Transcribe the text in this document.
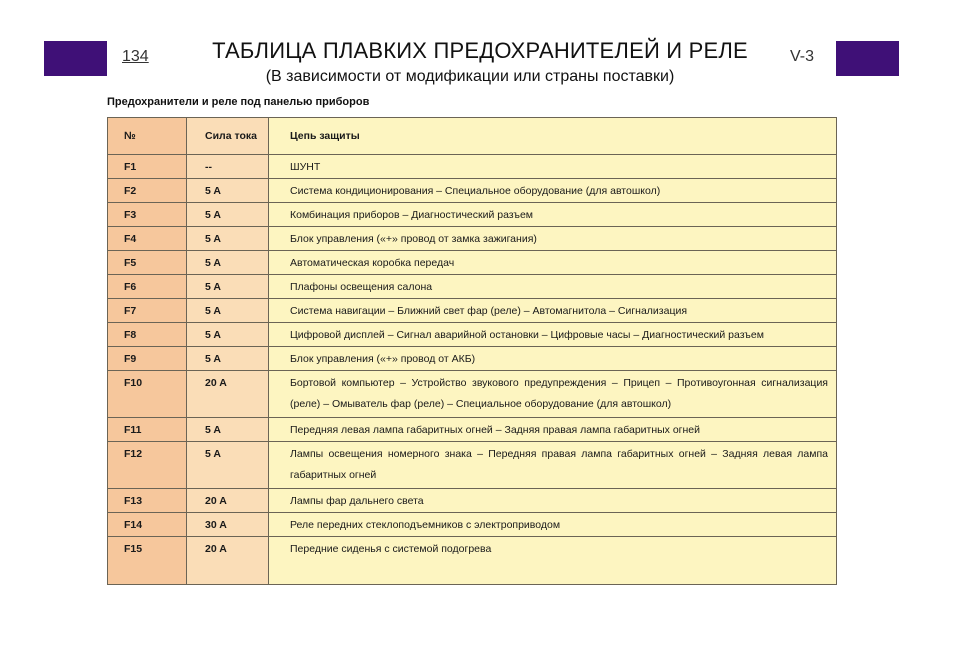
134	ТАБЛИЦА ПЛАВКИХ ПРЕДОХРАНИТЕЛЕЙ И РЕЛЕ
(В зависимости от модификации или страны поставки)
V-3
Предохранители и реле под панелью приборов
№	Сила тока	Цепь защиты
F1	--	ШУНТ
F2	5 A	Система кондиционирования – Специальное оборудование (для автошкол)
F3	5 A	Комбинация приборов – Диагностический разъем
F4	5 A	Блок управления («+» провод от замка зажигания)
F5	5 A	Автоматическая коробка передач
F6	5 A	Плафоны освещения салона
F7	5 A	Система навигации – Ближний свет фар (реле) – Автомагнитола – Сигнализация
F8	5 A	Цифровой дисплей – Сигнал аварийной остановки – Цифровые часы – Диагностический разъем
F9	5 A	Блок управления («+» провод от АКБ)
F10	20 A	Бортовой компьютер – Устройство звукового предупреждения – Прицеп – Противоугонная сигнализация (реле) – Омыватель фар (реле) – Специальное оборудование (для автошкол)
F11	5 A	Передняя левая лампа габаритных огней – Задняя правая лампа габаритных огней
F12	5 A	Лампы освещения номерного знака – Передняя правая лампа габаритных огней – Задняя левая лампа габаритных огней
F13	20 A	Лампы фар дальнего света
F14	30 A	Реле передних стеклоподъемников с электроприводом
F15	20 A	Передние сиденья с системой подогрева
